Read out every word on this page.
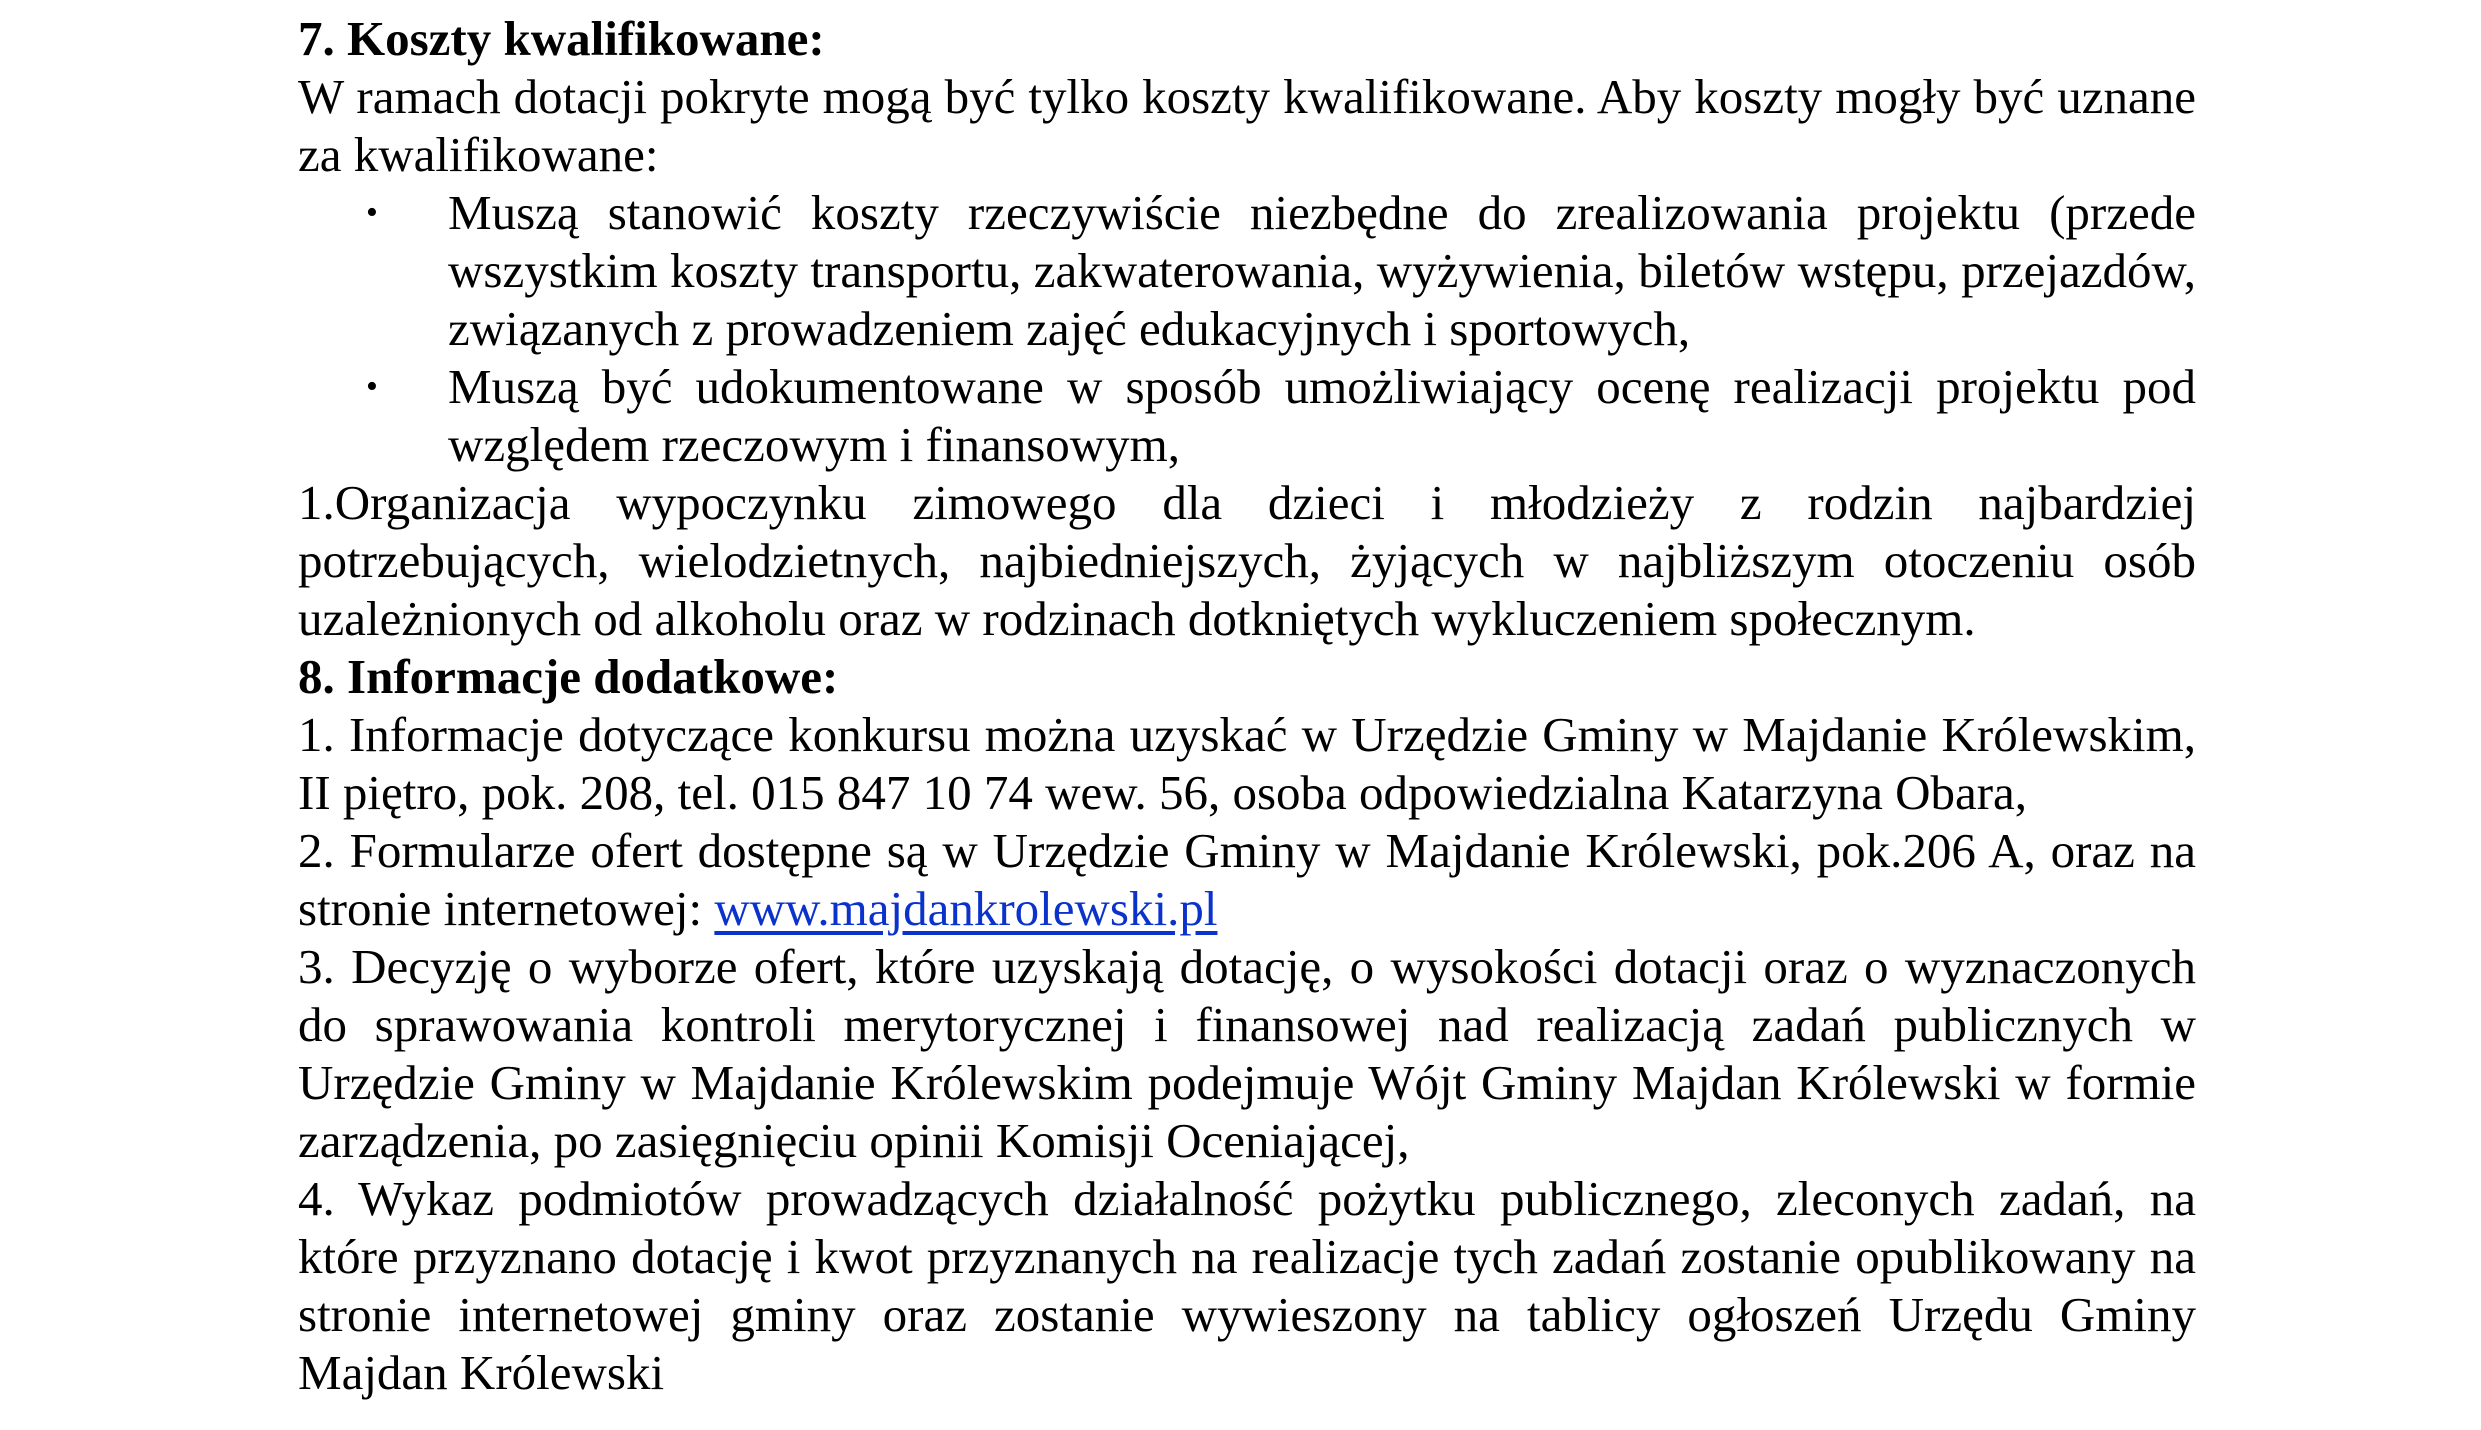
7. Koszty kwalifikowane:

W ramach dotacji pokryte mogą być tylko koszty kwalifikowane. Aby koszty mogły być uznane za kwalifikowane:

• Muszą stanowić koszty rzeczywiście niezbędne do zrealizowania projektu (przede wszystkim koszty transportu, zakwaterowania, wyżywienia, biletów wstępu, przejazdów, związanych z prowadzeniem zajęć edukacyjnych i sportowych,
• Muszą być udokumentowane w sposób umożliwiający ocenę realizacji projektu pod względem rzeczowym i finansowym,

1.Organizacja wypoczynku zimowego dla dzieci i młodzieży z rodzin najbardziej potrzebujących, wielodzietnych, najbiedniejszych, żyjących w najbliższym otoczeniu osób uzależnionych od alkoholu oraz w rodzinach dotkniętych wykluczeniem społecznym.

8. Informacje dodatkowe:

1. Informacje dotyczące konkursu można uzyskać w Urzędzie Gminy w Majdanie Królewskim, II piętro, pok. 208, tel. 015 847 10 74 wew. 56, osoba odpowiedzialna Katarzyna Obara,

2. Formularze ofert dostępne są w Urzędzie Gminy w Majdanie Królewski, pok.206 A, oraz na stronie internetowej: www.majdankrolewski.pl

3. Decyzję o wyborze ofert, które uzyskają dotację, o wysokości dotacji oraz o wyznaczonych do sprawowania kontroli merytorycznej i finansowej nad realizacją zadań publicznych w Urzędzie Gminy w Majdanie Królewskim podejmuje Wójt Gminy Majdan Królewski w formie zarządzenia, po zasięgnięciu opinii Komisji Oceniającej,

4. Wykaz podmiotów prowadzących działalność pożytku publicznego, zleconych zadań, na które przyznano dotację i kwot przyznanych na realizacje tych zadań zostanie opublikowany na stronie internetowej gminy oraz zostanie wywieszony na tablicy ogłoszeń Urzędu Gminy Majdan Królewski
